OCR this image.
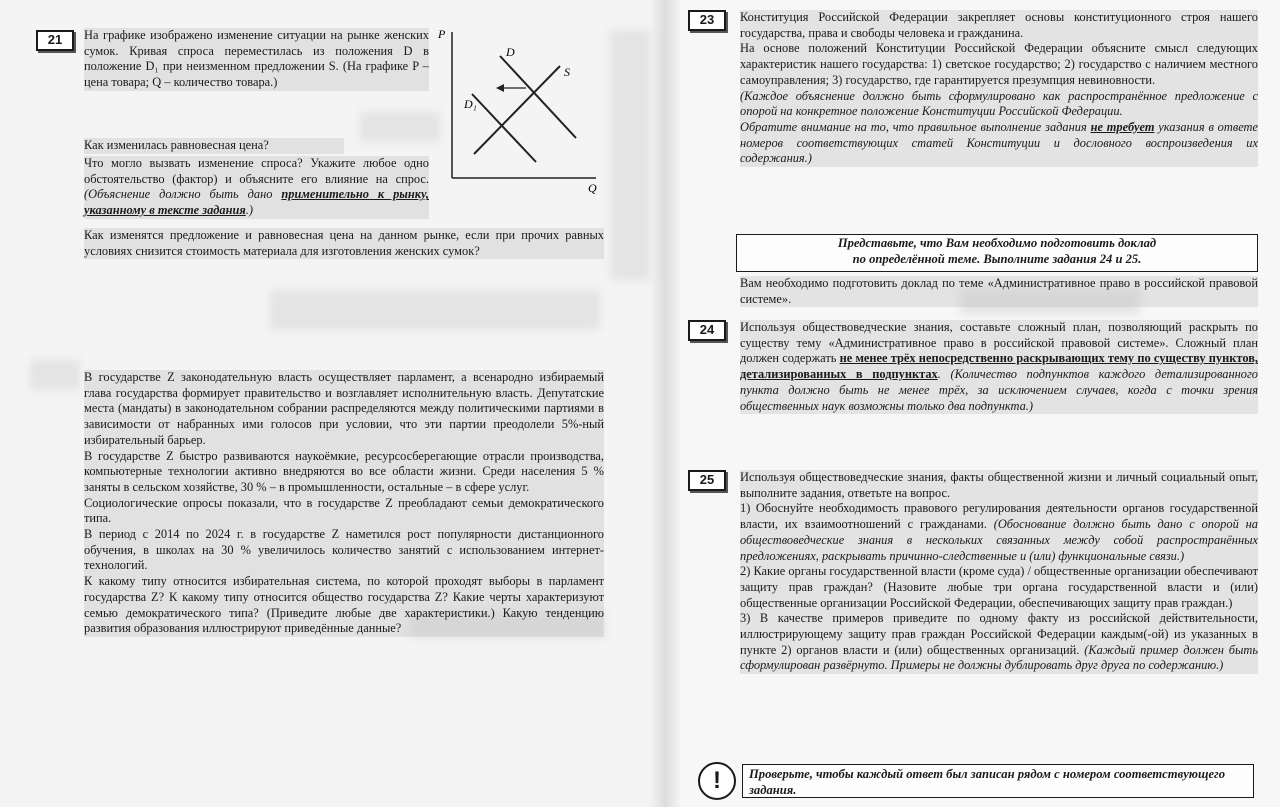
21	На графике изображено изменение ситуации на рынке женских сумок. Кривая спроса переместилась из положения D в положение D₁ при неизменном предложении S. (На графике P – цена товара; Q – количество товара.)
Как изменилась равновесная цена?
Что могло вызвать изменение спроса? Укажите любое одно обстоятельство (фактор) и объясните его влияние на спрос. (Объяснение должно быть дано применительно к рынку, указанному в тексте задания.)
Как изменятся предложение и равновесная цена на данном рынке, если при прочих равных условиях снизится стоимость материала для изготовления женских сумок?
P
Q
D
D₁
S

В государстве Z законодательную власть осуществляет парламент, а всенародно избираемый глава государства формирует правительство и возглавляет исполнительную власть. Депутатские места (мандаты) в законодательном собрании распределяются между политическими партиями в зависимости от набранных ими голосов при условии, что эти партии преодолели 5%-ный избирательный барьер.

В государстве Z быстро развиваются наукоёмкие, ресурсосберегающие отрасли производства, компьютерные технологии активно внедряются во все области жизни. Среди населения 5 % заняты в сельском хозяйстве, 30 % – в промышленности, остальные – в сфере услуг.

Социологические опросы показали, что в государстве Z преобладают семьи демократического типа.

В период с 2014 по 2024 г. в государстве Z наметился рост популярности дистанционного обучения, в школах на 30 % увеличилось количество занятий с использованием интернет-технологий.

К какому типу относится избирательная система, по которой проходят выборы в парламент государства Z? К какому типу относится общество государства Z? Какие черты характеризуют семью демократического типа? (Приведите любые две характеристики.) Какую тенденцию развития образования иллюстрируют приведённые данные?

23	Конституция Российской Федерации закрепляет основы конституционного строя нашего государства, права и свободы человека и гражданина.

На основе положений Конституции Российской Федерации объясните смысл следующих характеристик нашего государства: 1) светское государство; 2) государство с наличием местного самоуправления; 3) государство, где гарантируется презумпция невиновности.

(Каждое объяснение должно быть сформулировано как распространённое предложение с опорой на конкретное положение Конституции Российской Федерации.

Обратите внимание на то, что правильное выполнение задания не требует указания в ответе номеров соответствующих статей Конституции и дословного воспроизведения их содержания.)

Представьте, что Вам необходимо подготовить доклад
по определённой теме. Выполните задания 24 и 25.
Вам необходимо подготовить доклад по теме «Административное право в российской правовой системе».
24	Используя обществоведческие знания, составьте сложный план, позволяющий раскрыть по существу тему «Административное право в российской правовой системе». Сложный план должен содержать не менее трёх непосредственно раскрывающих тему по существу пунктов, детализированных в подпунктах. (Количество подпунктов каждого детализированного пункта должно быть не менее трёх, за исключением случаев, когда с точки зрения общественных наук возможны только два подпункта.)
25	Используя обществоведческие знания, факты общественной жизни и личный социальный опыт, выполните задания, ответьте на вопрос.

1) Обоснуйте необходимость правового регулирования деятельности органов государственной власти, их взаимоотношений с гражданами. (Обоснование должно быть дано с опорой на обществоведческие знания в нескольких связанных между собой распространённых предложениях, раскрывать причинно-следственные и (или) функциональные связи.)

2) Какие органы государственной власти (кроме суда) / общественные организации обеспечивают защиту прав граждан? (Назовите любые три органа государственной власти и (или) общественные организации Российской Федерации, обеспечивающих защиту прав граждан.)

3) В качестве примеров приведите по одному факту из российской действительности, иллюстрирующему защиту прав граждан Российской Федерации каждым(-ой) из указанных в пункте 2) органов власти и (или) общественных организаций. (Каждый пример должен быть сформулирован развёрнуто. Примеры не должны дублировать друг друга по содержанию.)

!	Проверьте, чтобы каждый ответ был записан рядом с номером соответствующего задания.
